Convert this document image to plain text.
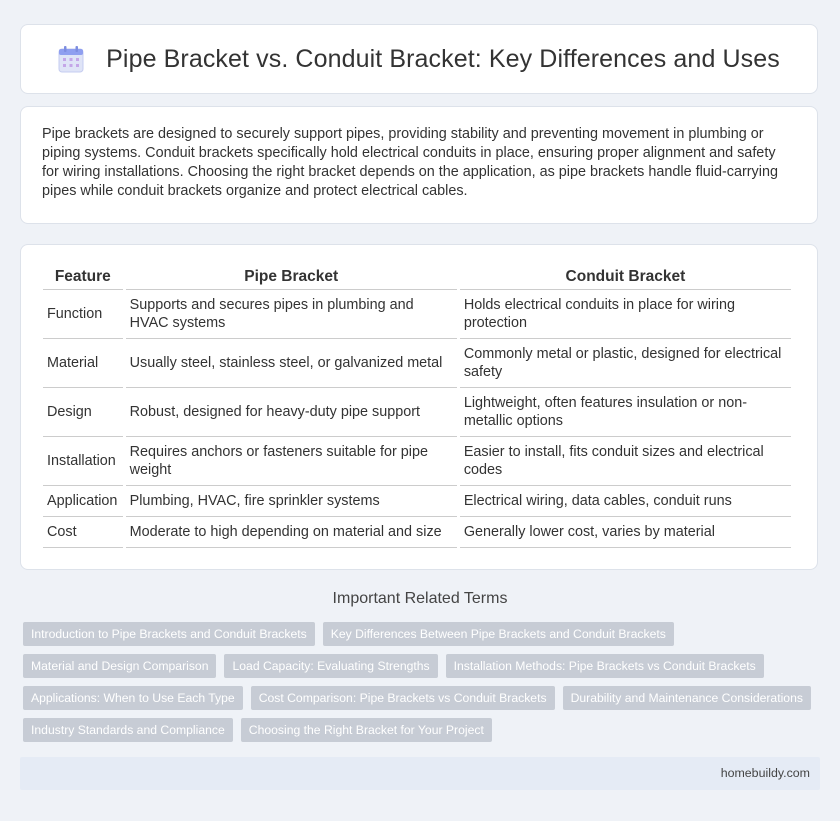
Pipe Bracket vs. Conduit Bracket: Key Differences and Uses

Pipe brackets are designed to securely support pipes, providing stability and preventing movement in plumbing or piping systems. Conduit brackets specifically hold electrical conduits in place, ensuring proper alignment and safety for wiring installations. Choosing the right bracket depends on the application, as pipe brackets handle fluid-carrying pipes while conduit brackets organize and protect electrical cables.

Feature	Pipe Bracket	Conduit Bracket
Function	Supports and secures pipes in plumbing and HVAC systems	Holds electrical conduits in place for wiring protection
Material	Usually steel, stainless steel, or galvanized metal	Commonly metal or plastic, designed for electrical safety
Design	Robust, designed for heavy-duty pipe support	Lightweight, often features insulation or non-metallic options
Installation	Requires anchors or fasteners suitable for pipe weight	Easier to install, fits conduit sizes and electrical codes
Application	Plumbing, HVAC, fire sprinkler systems	Electrical wiring, data cables, conduit runs
Cost	Moderate to high depending on material and size	Generally lower cost, varies by material
Important Related Terms
Introduction to Pipe Brackets and Conduit Brackets	Key Differences Between Pipe Brackets and Conduit Brackets
Material and Design Comparison	Load Capacity: Evaluating Strengths	Installation Methods: Pipe Brackets vs Conduit Brackets
Applications: When to Use Each Type	Cost Comparison: Pipe Brackets vs Conduit Brackets	Durability and Maintenance Considerations
Industry Standards and Compliance	Choosing the Right Bracket for Your Project
homebuildy.com
